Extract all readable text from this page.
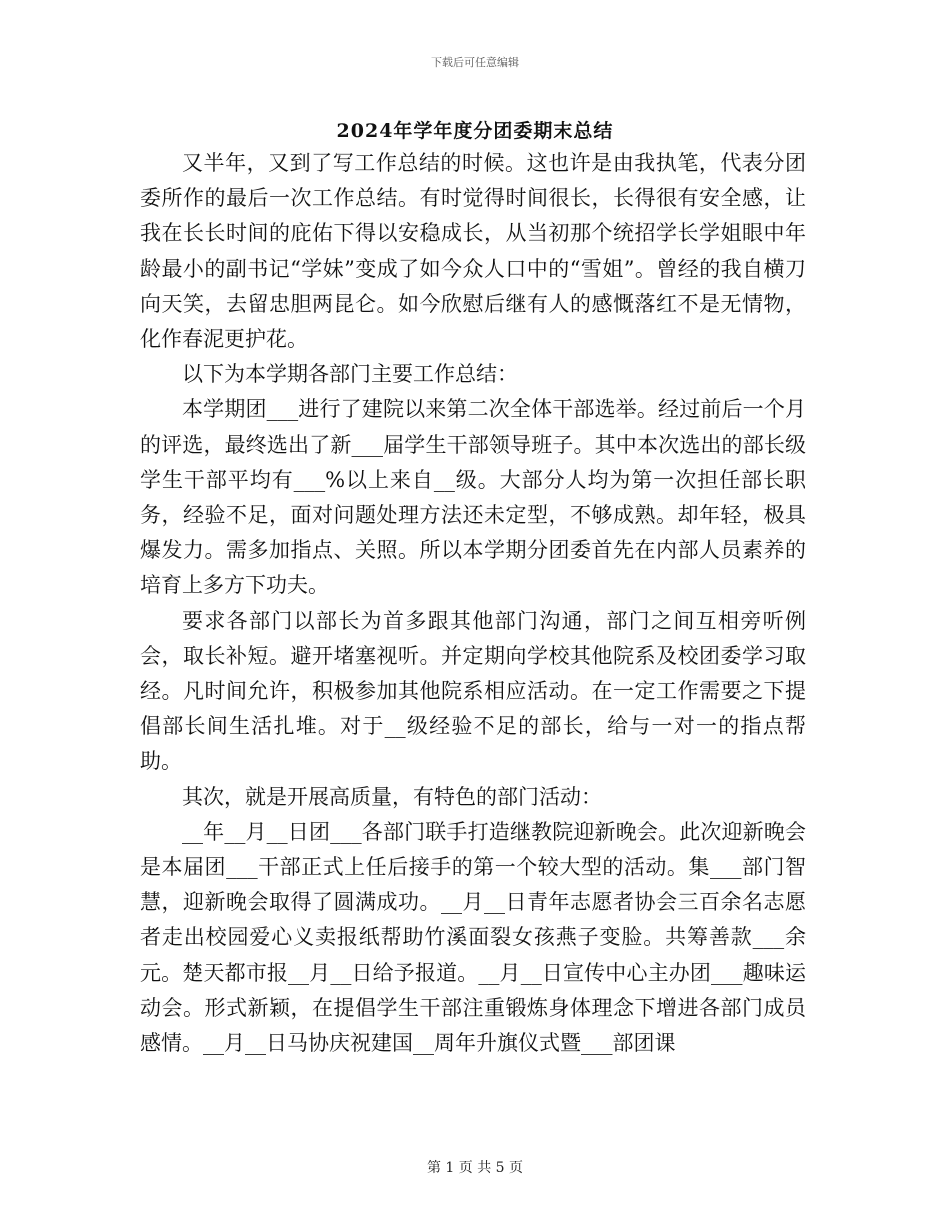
下载后可任意编辑
2024年学年度分团委期末总结

又半年，又到了写工作总结的时候。这也许是由我执笔，代表分团委所作的最后一次工作总结。有时觉得时间很长，长得很有安全感，让我在长长时间的庇佑下得以安稳成长，从当初那个统招学长学姐眼中年龄最小的副书记“学妹”变成了如今众人口中的“雪姐”。曾经的我自横刀向天笑，去留忠胆两昆仑。如今欣慰后继有人的感慨落红不是无情物，化作春泥更护花。

以下为本学期各部门主要工作总结：

本学期团___进行了建院以来第二次全体干部选举。经过前后一个月的评选，最终选出了新___届学生干部领导班子。其中本次选出的部长级学生干部平均有___%以上来自__级。大部分人均为第一次担任部长职务，经验不足，面对问题处理方法还未定型，不够成熟。却年轻，极具爆发力。需多加指点、关照。所以本学期分团委首先在内部人员素养的培育上多方下功夫。

要求各部门以部长为首多跟其他部门沟通，部门之间互相旁听例会，取长补短。避开堵塞视听。并定期向学校其他院系及校团委学习取经。凡时间允许，积极参加其他院系相应活动。在一定工作需要之下提倡部长间生活扎堆。对于__级经验不足的部长，给与一对一的指点帮助。

其次，就是开展高质量，有特色的部门活动：

__年__月__日团___各部门联手打造继教院迎新晚会。此次迎新晚会是本届团___干部正式上任后接手的第一个较大型的活动。集___部门智慧，迎新晚会取得了圆满成功。__月__日青年志愿者协会三百余名志愿者走出校园爱心义卖报纸帮助竹溪面裂女孩燕子变脸。共筹善款___余元。楚天都市报__月__日给予报道。__月__日宣传中心主办团___趣味运动会。形式新颖，在提倡学生干部注重锻炼身体理念下增进各部门成员感情。__月__日马协庆祝建国__周年升旗仪式暨___部团课

第 1 页 共 5 页
